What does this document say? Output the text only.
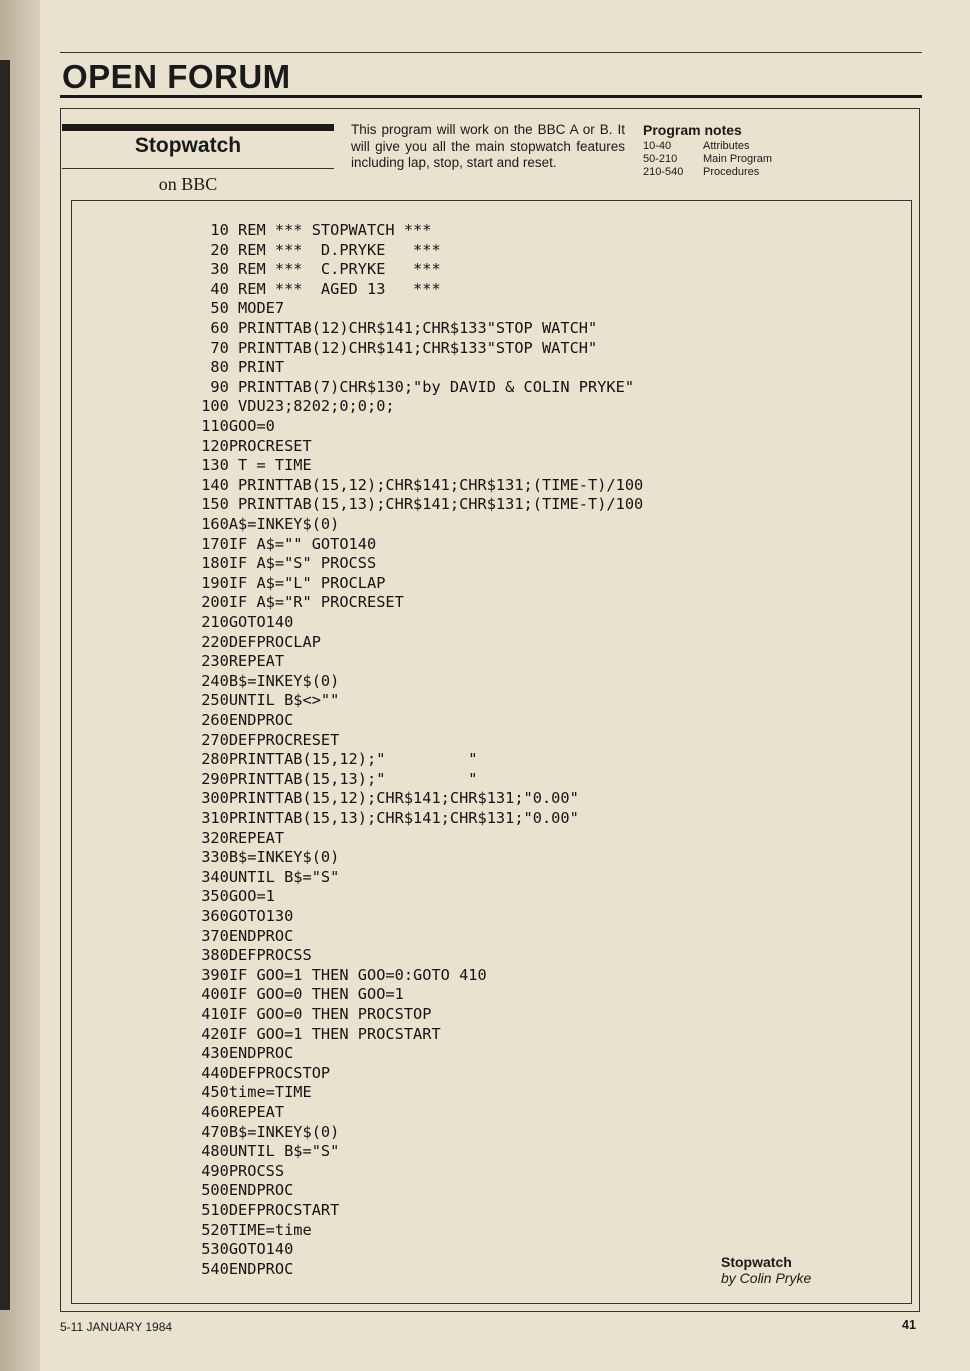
OPEN FORUM
Stopwatch
on BBC

This program will work on the BBC A or B. It will give you all the main stopwatch features including lap, stop, start and reset.

Program notes
10-40	Attributes
50-210 Main Program
210-540 Procedures
10 REM *** STOPWATCH ***
20 REM ***  D.PRYKE   ***
30 REM ***  C.PRYKE   ***
40 REM ***  AGED 13   ***
50 MODE7
60 PRINTTAB(12)CHR$141;CHR$133"STOP WATCH"
70 PRINTTAB(12)CHR$141;CHR$133"STOP WATCH"
80 PRINT
90 PRINTTAB(7)CHR$130;"by DAVID & COLIN PRYKE"
100 VDU23;8202;0;0;0;
110GOO=0
120PROCRESET
130 T = TIME
140 PRINTTAB(15,12);CHR$141;CHR$131;(TIME-T)/100
150 PRINTTAB(15,13);CHR$141;CHR$131;(TIME-T)/100
160A$=INKEY$(0)
170IF A$="" GOTO140
180IF A$="S" PROCSS
190IF A$="L" PROCLAP
200IF A$="R" PROCRESET
210GOTO140
220DEFPROCLAP
230REPEAT
240B$=INKEY$(0)
250UNTIL B$<>""
260ENDPROC
270DEFPROCRESET
280PRINTTAB(15,12);"         "
290PRINTTAB(15,13);"         "
300PRINTTAB(15,12);CHR$141;CHR$131;"0.00"
310PRINTTAB(15,13);CHR$141;CHR$131;"0.00"
320REPEAT
330B$=INKEY$(0)
340UNTIL B$="S"
350GOO=1
360GOTO130
370ENDPROC
380DEFPROCSS
390IF GOO=1 THEN GOO=0:GOTO 410
400IF GOO=0 THEN GOO=1
410IF GOO=0 THEN PROCSTOP
420IF GOO=1 THEN PROCSTART
430ENDPROC
440DEFPROCSTOP
450time=TIME
460REPEAT
470B$=INKEY$(0)
480UNTIL B$="S"
490PROCSS
500ENDPROC
510DEFPROCSTART
520TIME=time
530GOTO140
540ENDPROC	Stopwatch
by Colin Pryke
5-11 JANUARY 1984	41
